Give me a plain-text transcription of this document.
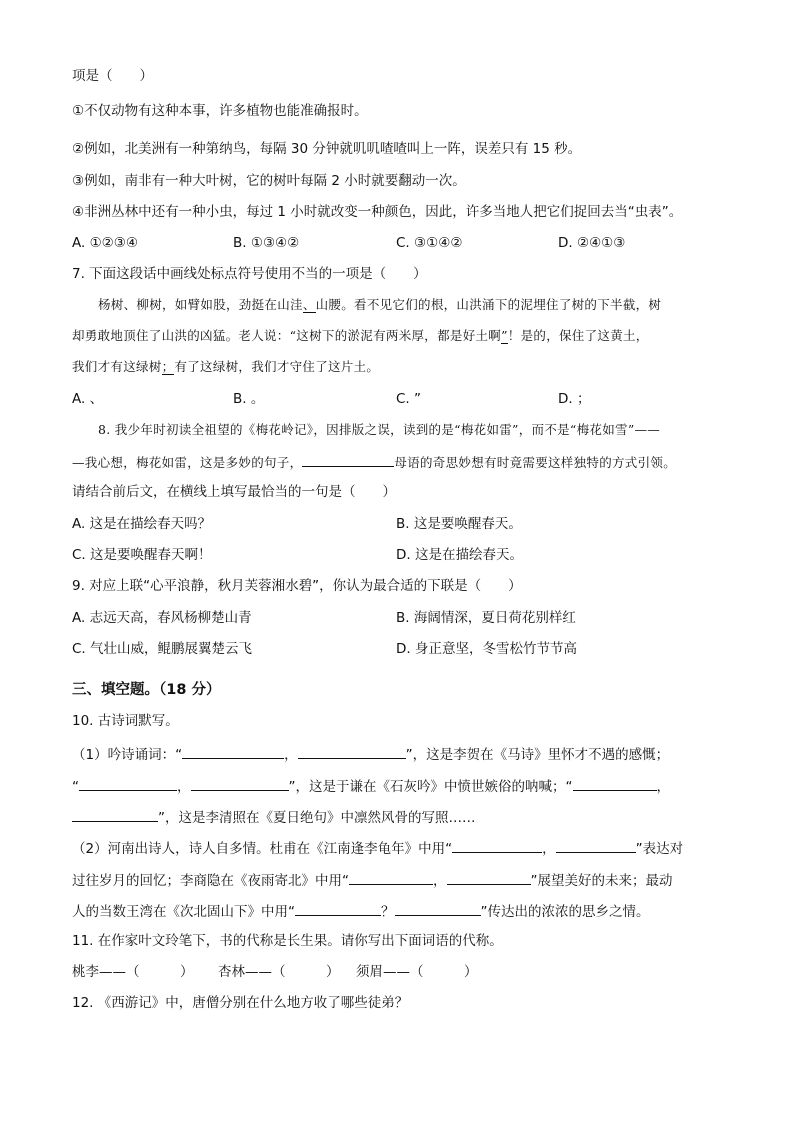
项是（　　）
①不仅动物有这种本事，许多植物也能准确报时。
②例如，北美洲有一种第纳鸟，每隔 30 分钟就叽叽喳喳叫上一阵，误差只有 15 秒。
③例如，南非有一种大叶树，它的树叶每隔 2 小时就要翻动一次。
④非洲丛林中还有一种小虫，每过 1 小时就改变一种颜色，因此，许多当地人把它们捉回去当“虫表”。
A. ①②③④	B. ①③④②	C. ③①④②	D. ②④①③
7. 下面这段话中画线处标点符号使用不当的一项是（　　）
杨树、柳树，如臂如股，劲挺在山洼、山腰。看不见它们的根，山洪涌下的泥埋住了树的下半截，树
却勇敢地顶住了山洪的凶猛。老人说：“这树下的淤泥有两米厚，都是好土啊”！是的，保住了这黄土，
我们才有这绿树；有了这绿树，我们才守住了这片土。
A. 、	B. 。	C. ”	D. ；
8. 我少年时初读全祖望的《梅花岭记》，因排版之误，读到的是“梅花如雷”，而不是“梅花如雪”——
—我心想，梅花如雷，这是多妙的句子，	母语的奇思妙想有时竟需要这样独特的方式引领。
请结合前后文，在横线上填写最恰当的一句是（　　）
A. 这是在描绘春天吗？	B. 这是要唤醒春天。
C. 这是要唤醒春天啊！	D. 这是在描绘春天。
9. 对应上联“心平浪静，秋月芙蓉湘水碧”，你认为最合适的下联是（　　）
A. 志远天高，春风杨柳楚山青	B. 海阔情深，夏日荷花别样红
C. 气壮山威，鲲鹏展翼楚云飞	D. 身正意坚，冬雪松竹节节高
三、填空题。（18 分）
10. 古诗词默写。
（1）吟诗诵词：“	，	”，这是李贺在《马诗》里怀才不遇的感慨；
“	，	”，这是于谦在《石灰吟》中愤世嫉俗的呐喊；“	，
”，这是李清照在《夏日绝句》中凛然风骨的写照……
（2）河南出诗人，诗人自多情。杜甫在《江南逢李龟年》中用“	，	”表达对
过往岁月的回忆；李商隐在《夜雨寄北》中用“	，	”展望美好的未来；最动
人的当数王湾在《次北固山下》中用“	？	”传达出的浓浓的思乡之情。
11. 在作家叶文玲笔下，书的代称是长生果。请你写出下面词语的代称。
桃李——（　　　） 杏林——（　　　） 须眉——（　　　）
12. 《西游记》中，唐僧分别在什么地方收了哪些徒弟？
